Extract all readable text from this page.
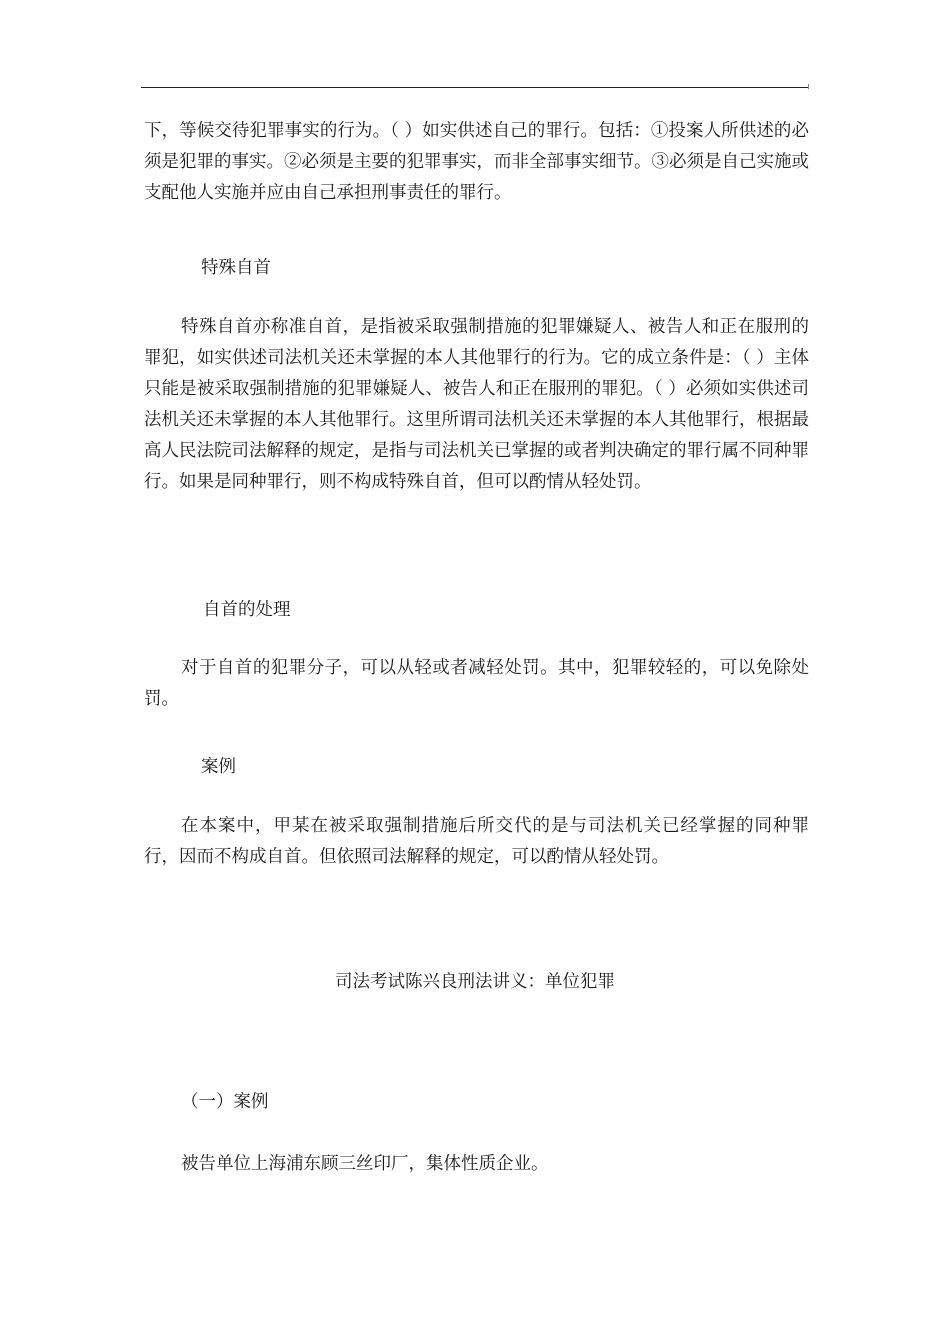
下，等候交待犯罪事实的行为。（ ）如实供述自己的罪行。包括：①投案人所供述的必须是犯罪的事实。②必须是主要的犯罪事实，而非全部事实细节。③必须是自己实施或支配他人实施并应由自己承担刑事责任的罪行。

特殊自首

特殊自首亦称准自首，是指被采取强制措施的犯罪嫌疑人、被告人和正在服刑的罪犯，如实供述司法机关还未掌握的本人其他罪行的行为。它的成立条件是：（ ）主体只能是被采取强制措施的犯罪嫌疑人、被告人和正在服刑的罪犯。（ ）必须如实供述司法机关还未掌握的本人其他罪行。这里所谓司法机关还未掌握的本人其他罪行，根据最高人民法院司法解释的规定，是指与司法机关已掌握的或者判决确定的罪行属不同种罪行。如果是同种罪行，则不构成特殊自首，但可以酌情从轻处罚。

自首的处理

对于自首的犯罪分子，可以从轻或者减轻处罚。其中，犯罪较轻的，可以免除处罚。

案例

在本案中，甲某在被采取强制措施后所交代的是与司法机关已经掌握的同种罪行，因而不构成自首。但依照司法解释的规定，可以酌情从轻处罚。

司法考试陈兴良刑法讲义：单位犯罪

（一）案例

被告单位上海浦东顾三丝印厂，集体性质企业。
